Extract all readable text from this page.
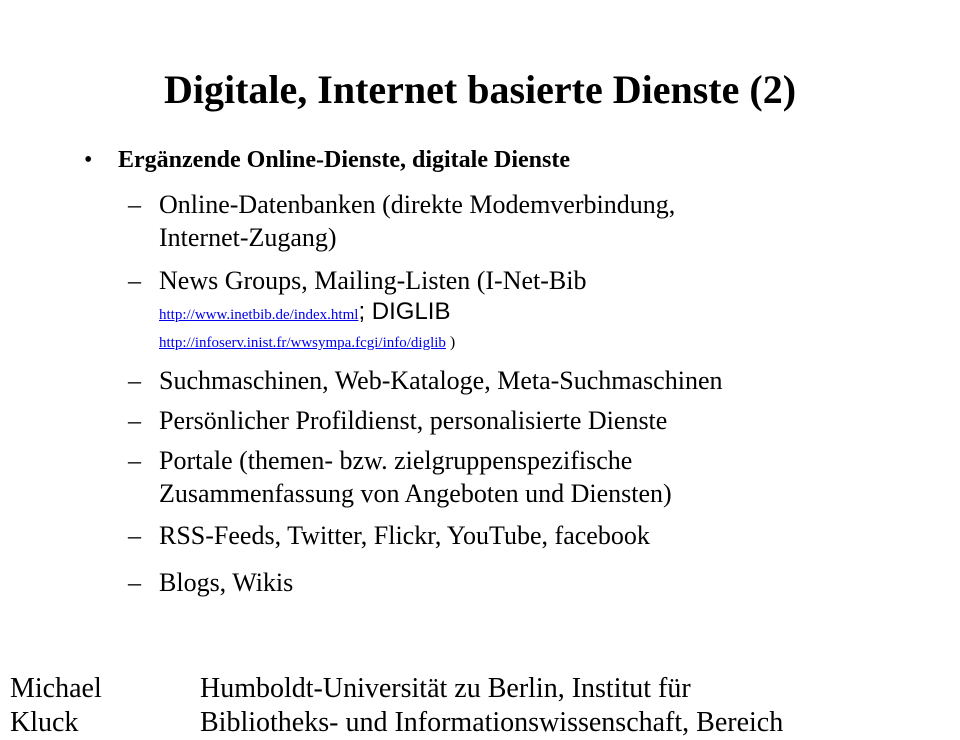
Digitale, Internet basierte Dienste (2)
• Ergänzende Online-Dienste, digitale Dienste
– Online-Datenbanken (direkte Modemverbindung,
Internet-Zugang)
– News Groups, Mailing-Listen (I-Net-Bib
http://www.inetbib.de/index.html; DIGLIB
http://infoserv.inist.fr/wwsympa.fcgi/info/diglib )
– Suchmaschinen, Web-Kataloge, Meta-Suchmaschinen
– Persönlicher Profildienst, personalisierte Dienste
– Portale (themen- bzw. zielgruppenspezifische
Zusammenfassung von Angeboten und Diensten)
– RSS-Feeds, Twitter, Flickr, YouTube, facebook
– Blogs, Wikis
Michael
Kluck
Humboldt-Universität zu Berlin, Institut für
Bibliotheks- und Informationswissenschaft, Bereich
